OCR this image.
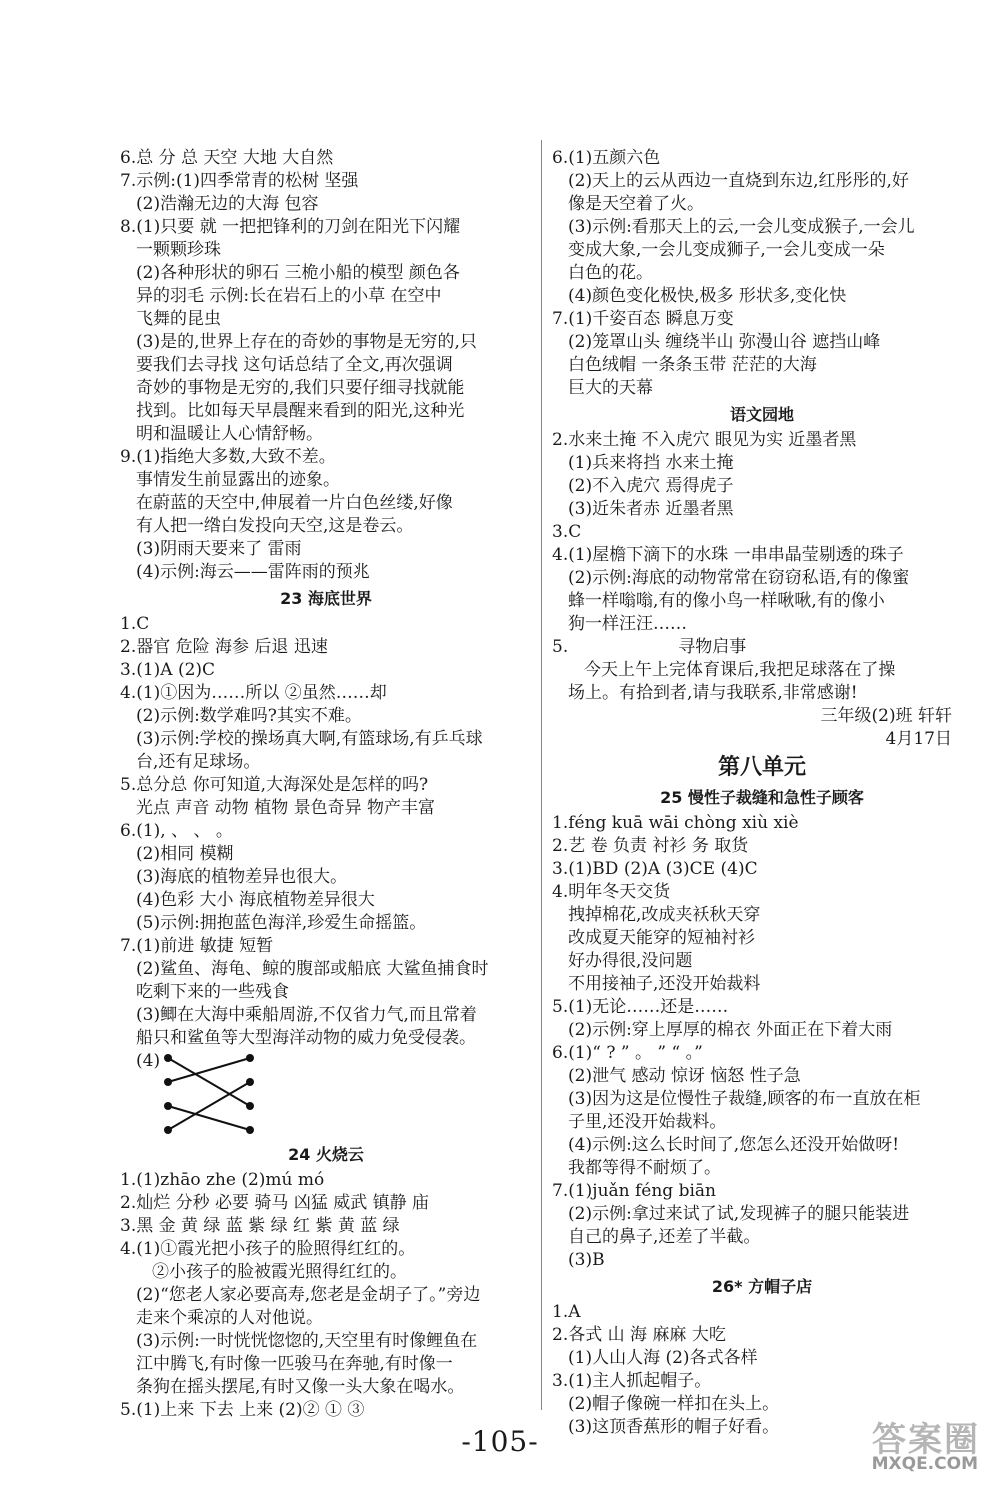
6.总 分 总 天空 大地 大自然
7.示例:(1)四季常青的松树 坚强
(2)浩瀚无边的大海 包容
8.(1)只要 就 一把把锋利的刀剑在阳光下闪耀
一颗颗珍珠
(2)各种形状的卵石 三桅小船的模型 颜色各
异的羽毛 示例:长在岩石上的小草 在空中
飞舞的昆虫
(3)是的,世界上存在的奇妙的事物是无穷的,只
要我们去寻找 这句话总结了全文,再次强调
奇妙的事物是无穷的,我们只要仔细寻找就能
找到。比如每天早晨醒来看到的阳光,这种光
明和温暖让人心情舒畅。
9.(1)指绝大多数,大致不差。
事情发生前显露出的迹象。
在蔚蓝的天空中,伸展着一片白色丝缕,好像
有人把一绺白发投向天空,这是卷云。
(3)阴雨天要来了 雷雨
(4)示例:海云——雷阵雨的预兆
23 海底世界
1.C
2.器官 危险 海参 后退 迅速
3.(1)A (2)C
4.(1)①因为……所以 ②虽然……却
(2)示例:数学难吗?其实不难。
(3)示例:学校的操场真大啊,有篮球场,有乒乓球
台,还有足球场。
5.总分总 你可知道,大海深处是怎样的吗?
光点 声音 动物 植物 景色奇异 物产丰富
6.(1), 、 、 。
(2)相同 模糊
(3)海底的植物差异也很大。
(4)色彩 大小 海底植物差异很大
(5)示例:拥抱蓝色海洋,珍爱生命摇篮。
7.(1)前进 敏捷 短暂
(2)鲨鱼、海龟、鲸的腹部或船底 大鲨鱼捕食时
吃剩下来的一些残食
(3)鲫在大海中乘船周游,不仅省力气,而且常着
船只和鲨鱼等大型海洋动物的威力免受侵袭。
(4)
24 火烧云
1.(1)zhāo zhe (2)mú mó
2.灿烂 分秒 必要 骑马 凶猛 威武 镇静 庙
3.黑 金 黄 绿 蓝 紫 绿 红 紫 黄 蓝 绿
4.(1)①霞光把小孩子的脸照得红红的。
②小孩子的脸被霞光照得红红的。
(2)“您老人家必要高寿,您老是金胡子了。”旁边
走来个乘凉的人对他说。
(3)示例:一时恍恍惚惚的,天空里有时像鲤鱼在
江中腾飞,有时像一匹骏马在奔驰,有时像一
条狗在摇头摆尾,有时又像一头大象在喝水。
5.(1)上来 下去 上来 (2)② ① ③
6.(1)五颜六色
(2)天上的云从西边一直烧到东边,红彤彤的,好
像是天空着了火。
(3)示例:看那天上的云,一会儿变成猴子,一会儿
变成大象,一会儿变成狮子,一会儿变成一朵
白色的花。
(4)颜色变化极快,极多 形状多,变化快
7.(1)千姿百态 瞬息万变
(2)笼罩山头 缠绕半山 弥漫山谷 遮挡山峰
白色绒帽 一条条玉带 茫茫的大海
巨大的天幕
语文园地
2.水来土掩 不入虎穴 眼见为实 近墨者黑
(1)兵来将挡 水来土掩
(2)不入虎穴 焉得虎子
(3)近朱者赤 近墨者黑
3.C
4.(1)屋檐下滴下的水珠 一串串晶莹剔透的珠子
(2)示例:海底的动物常常在窃窃私语,有的像蜜
蜂一样嗡嗡,有的像小鸟一样啾啾,有的像小
狗一样汪汪……
5.	寻物启事
今天上午上完体育课后,我把足球落在了操
场上。有拾到者,请与我联系,非常感谢!
三年级(2)班 轩轩
4月17日
第八单元
25 慢性子裁缝和急性子顾客
1.féng kuā wāi chòng xiù xiè
2.艺 卷 负责 衬衫 务 取货
3.(1)BD (2)A (3)CE (4)C
4.明年冬天交货
拽掉棉花,改成夹袄秋天穿
改成夏天能穿的短袖衬衫
好办得很,没问题
不用接袖子,还没开始裁料
5.(1)无论……还是……
(2)示例:穿上厚厚的棉衣 外面正在下着大雨
6.(1)“ ? ” 。 ” “ 。”
(2)泄气 感动 惊讶 恼怒 性子急
(3)因为这是位慢性子裁缝,顾客的布一直放在柜
子里,还没开始裁料。
(4)示例:这么长时间了,您怎么还没开始做呀!
我都等得不耐烦了。
7.(1)juǎn féng biān
(2)示例:拿过来试了试,发现裤子的腿只能装进
自己的鼻子,还差了半截。
(3)B
26* 方帽子店
1.A
2.各式 山 海 麻麻 大吃
(1)人山人海 (2)各式各样
3.(1)主人抓起帽子。
(2)帽子像碗一样扣在头上。
(3)这顶香蕉形的帽子好看。
-105-	答案圈
MXQE.COM
